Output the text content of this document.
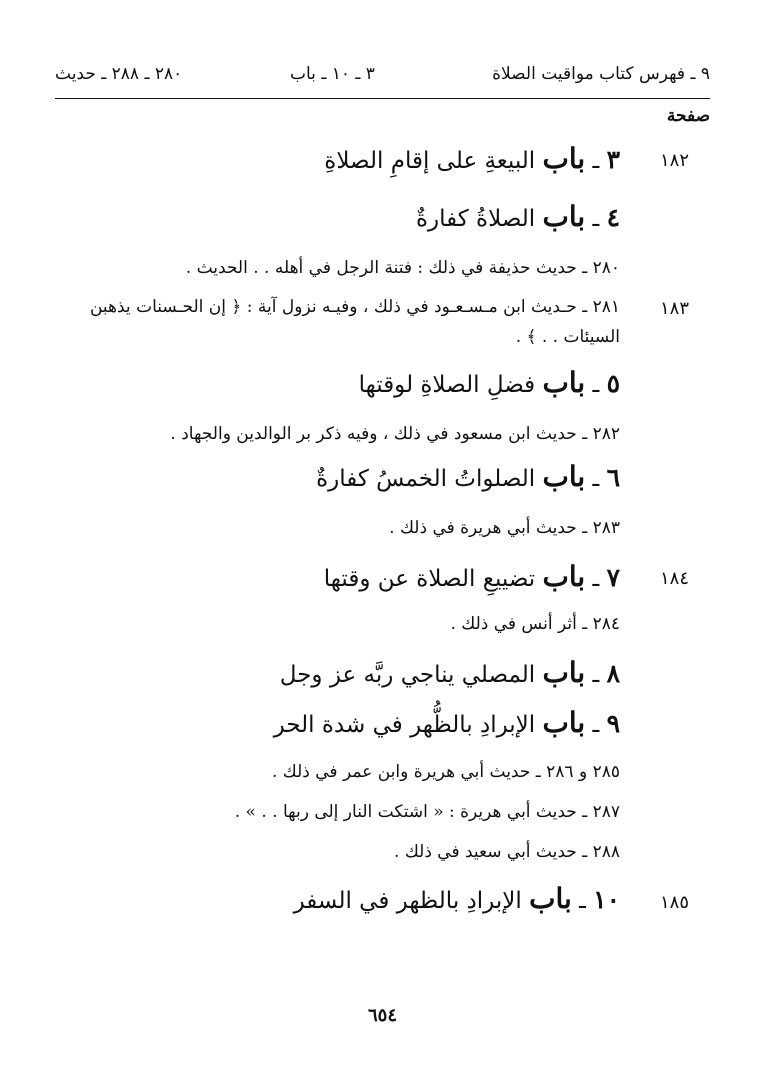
٩ ـ فهرس كتاب مواقيت الصلاة
٣ ـ ١٠ ـ باب
٢٨٠ ـ ٢٨٨ ـ حديث
صفحة
١٨٢
٣ ـ باب البيعةِ على إقامِ الصلاةِ
٤ ـ باب الصلاةُ كفارةٌ
٢٨٠ ـ حديث حذيفة في ذلك : فتنة الرجل في أهله . . الحديث .
١٨٣
٢٨١ ـ حـديث ابن مـسـعـود في ذلك ، وفيـه نزول آية : ﴿ إن الحـسنات يذهبن
السيئات . . ﴾ .
٥ ـ باب فضلِ الصلاةِ لوقتها
٢٨٢ ـ حديث ابن مسعود في ذلك ، وفيه ذكر بر الوالدين والجهاد .
٦ ـ باب الصلواتُ الخمسُ كفارةٌ
٢٨٣ ـ حديث أبي هريرة في ذلك .
١٨٤
٧ ـ باب تضييعِ الصلاة عن وقتها
٢٨٤ ـ أثر أنس في ذلك .
٨ ـ باب المصلي يناجي ربَّه عز وجل
٩ ـ باب الإبرادِ بالظُّهر في شدة الحر
٢٨٥ و ٢٨٦ ـ حديث أبي هريرة وابن عمر في ذلك .
٢٨٧ ـ حديث أبي هريرة : « اشتكت النار إلى ربها . . » .
٢٨٨ ـ حديث أبي سعيد في ذلك .
١٨٥
١٠ ـ باب الإبرادِ بالظهر في السفر
٦٥٤
